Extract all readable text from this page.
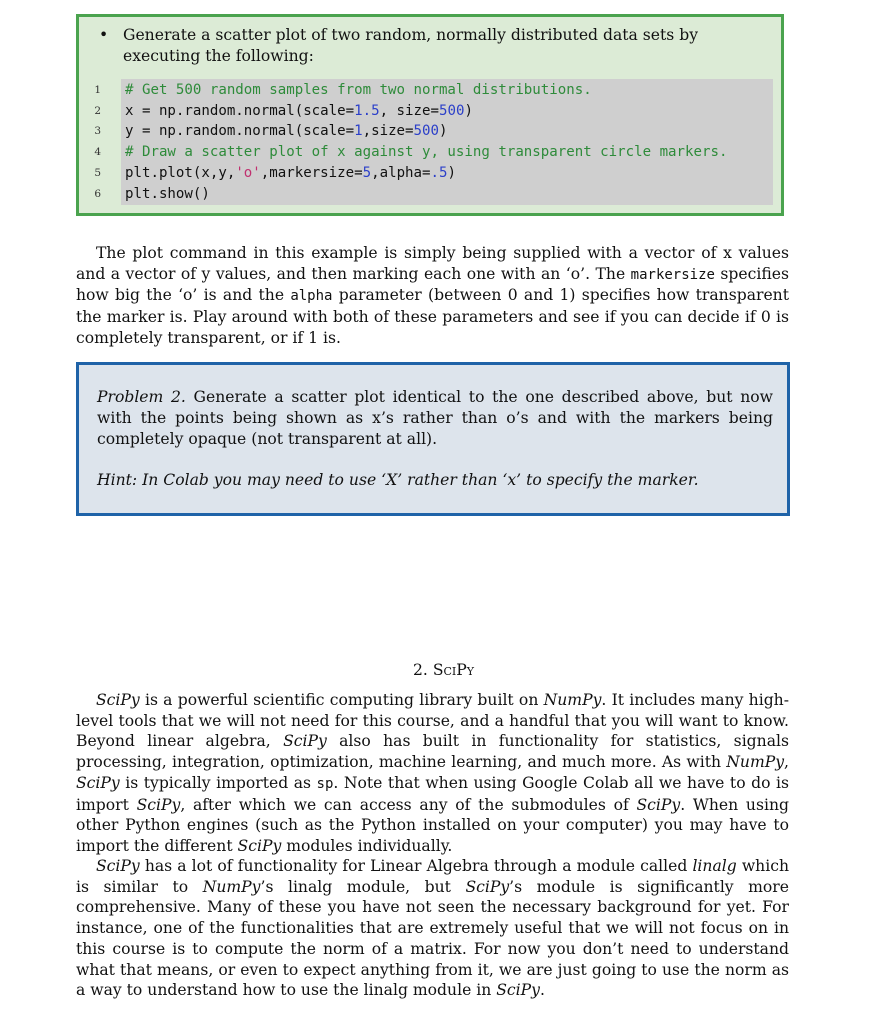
• Generate a scatter plot of two random, normally distributed data sets by executing the following:
1 # Get 500 random samples from two normal distributions.
2 x = np.random.normal(scale=1.5, size=500)
3 y = np.random.normal(scale=1,size=500)
4 # Draw a scatter plot of x against y, using transparent circle markers.
5 plt.plot(x,y,'o',markersize=5,alpha=.5)
6 plt.show()
The plot command in this example is simply being supplied with a vector of x values and a vector of y values, and then marking each one with an ‘o’. The markersize specifies how big the ‘o’ is and the alpha parameter (between 0 and 1) specifies how transparent the marker is. Play around with both of these parameters and see if you can decide if 0 is completely transparent, or if 1 is.
Problem 2. Generate a scatter plot identical to the one described above, but now with the points being shown as x’s rather than o’s and with the markers being completely opaque (not transparent at all).
Hint: In Colab you may need to use ‘X’ rather than ‘x’ to specify the marker.
2. SciPy
SciPy is a powerful scientific computing library built on NumPy. It includes many high-level tools that we will not need for this course, and a handful that you will want to know. Beyond linear algebra, SciPy also has built in functionality for statistics, signals processing, integration, optimization, machine learning, and much more. As with NumPy, SciPy is typically imported as sp. Note that when using Google Colab all we have to do is import SciPy, after which we can access any of the submodules of SciPy. When using other Python engines (such as the Python installed on your computer) you may have to import the different SciPy modules individually.
SciPy has a lot of functionality for Linear Algebra through a module called linalg which is similar to NumPy’s linalg module, but SciPy’s module is significantly more comprehensive. Many of these you have not seen the necessary background for yet. For instance, one of the functionalities that are extremely useful that we will not focus on in this course is to compute the norm of a matrix. For now you don’t need to understand what that means, or even to expect anything from it, we are just going to use the norm as a way to understand how to use the linalg module in SciPy.
